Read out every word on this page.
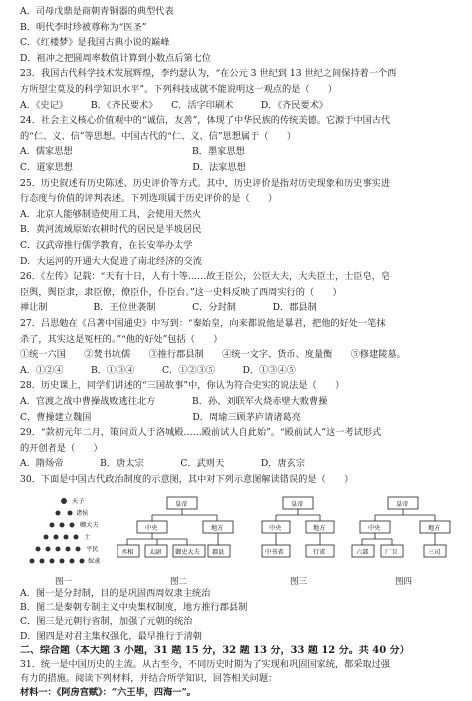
A．司母戊鼎是商朝青铜器的典型代表
B．明代李时珍被尊称为“医圣”
C．《红楼梦》是我国古典小说的巅峰
D．祖冲之把圆周率数值计算到小数点后第七位
23．我国古代科学技术发展辉煌，李约瑟认为，“在公元 3 世纪到 13 世纪之间保持着一个西
方所望尘莫及的科学知识水平”。下列科技成就不能说明这一观点的是（　　）
A．《史记》　　　B．《齐民要术》　　C．活字印刷术　　　D．《齐民要术》
24．社会主义核心价值观中的“诚信，友善”，体现了中华民族的传统美德。它源于中国古代
的“仁、义、信”等思想。中国古代的“仁、义、信”思想属于（　　）
A．儒家思想　　　　　　　　　　　　　B．墨家思想
C．道家思想　　　　　　　　　　　　　D．法家思想
25．历史叙述有历史陈述、历史评价等方式。其中，历史评价是指对历史现象和历史事实进
行态度与价值的评判表述。下列选项属于历史评价的是（　　）
A．北京人能够制造使用工具，会使用天然火
B．黄河流域原始农耕时代的居民是半坡居民
C．汉武帝推行儒学教育，在长安举办太学
D．大运河的开通大大促进了南北经济的交流
26．《左传》记载：“天有十日，人有十等……故王臣公，公臣大夫，大夫臣士，士臣皂，皂
臣舆，舆臣隶，隶臣僚，僚臣仆，仆臣台。”这一史料反映了西周实行的（　　）
禅让制　　　　　B．王位世袭制　　　　C．分封制　　　　D．郡县制
27．吕思勉在《吕著中国通史》中写到：“秦始皇，向来都说他是暴君，把他的好处一笔抹
杀了，其实这是冤枉的。”“他的好处”包括（　　）
①统一六国　　②焚书坑儒　　③推行郡县制　　④统一文字、货币、度量衡　　⑤修建陵墓。
A．①②④　　　B．①③④　　　C．①②③⑤　　　D．①③④⑤
28．历史课上，同学们讲述的“三国故事”中，你认为符合史实的说法是（　　）
A．官渡之战中曹操战败逃往北方　　　　B．孙、刘联军火烧赤壁大败曹操
C．曹操建立魏国　　　　　　　　　　　D．周瑜三顾茅庐请诸葛亮
29．“款初元年二月，策问贡人于洛城殿……殿前试人自此始”。“殿前试人”这一考试形式
的开创者是（　　）
A．隋炀帝　　　　B．唐太宗　　　　C．武则天　　　　D．唐玄宗
30．下面是中国古代政治制度的示意图，其中对下列示意图解读错误的是（　　）
天子
诸侯
卿大夫
士
平民
奴隶
皇帝
中央	地方
丞相	太尉 御史大夫 郡县
皇帝
中央	地方
中书省	行省
皇帝
中央	地方
六部	厂卫	三司
图一	图二	图三	图四
A．图一是分封制，目的是巩固西周奴隶主统治
B．图二是秦朝专制主义中央集权制度，地方推行郡县制
C．图三是元朝行省制，加强了元朝的统治
D．图四是对君主集权强化，最早推行于清朝
二、综合题（本大题 3 小题，31 题 15 分，32 题 13 分，33 题 12 分。共 40 分）
31．统一是中国历史的主流。从古至今，不同历史时期为了实现和巩固国家统，都采取过强
有力的措施。阅读下列材料，并结合所学知识，回答相关问题：
材料一：《阿房宫赋》：“六王毕，四海一”。
